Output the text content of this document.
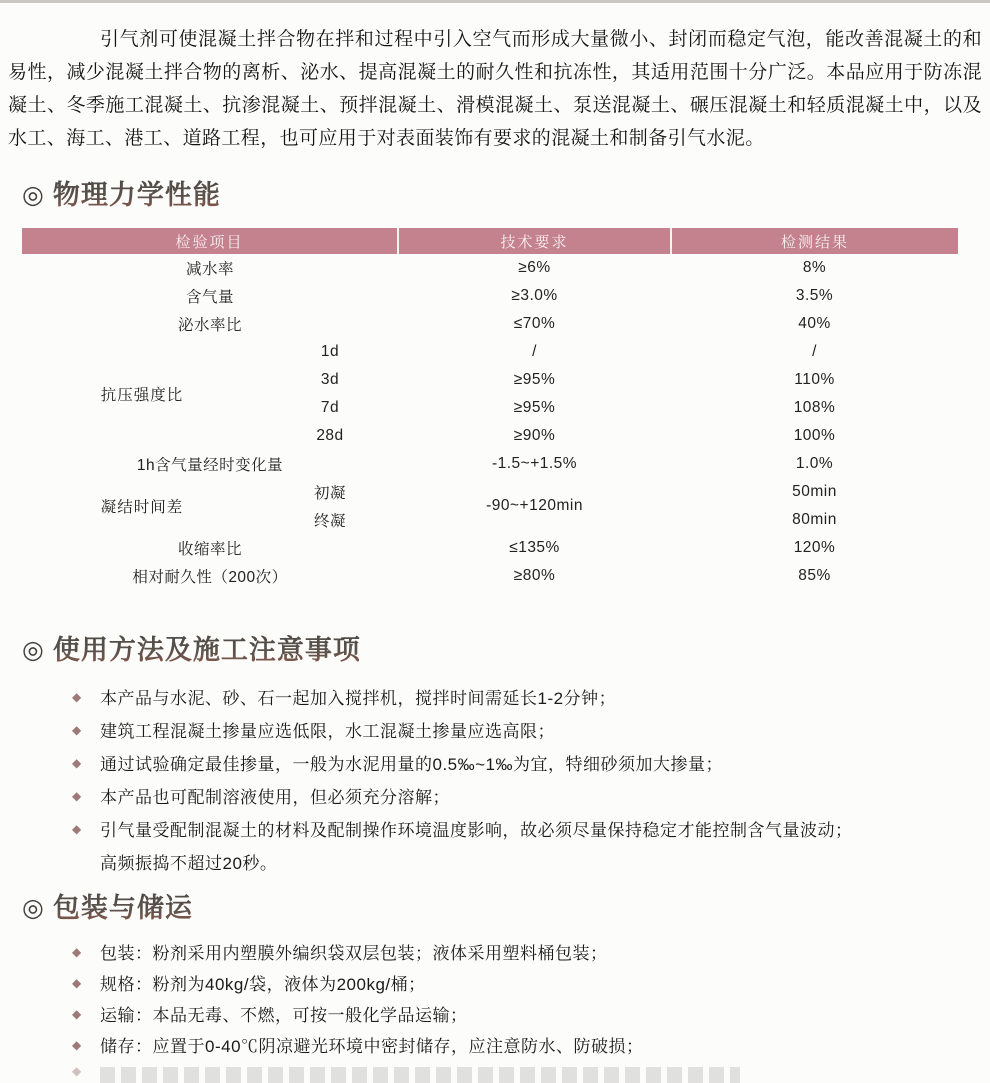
引气剂可使混凝土拌合物在拌和过程中引入空气而形成大量微小、封闭而稳定气泡，能改善混凝土的和易性，减少混凝土拌合物的离析、泌水、提高混凝土的耐久性和抗冻性，其适用范围十分广泛。本品应用于防冻混凝土、冬季施工混凝土、抗渗混凝土、预拌混凝土、滑模混凝土、泵送混凝土、碾压混凝土和轻质混凝土中，以及水工、海工、港工、道路工程，也可应用于对表面装饰有要求的混凝土和制备引气水泥。

◎ 物理力学性能
检验项目		技术要求	检测结果
减水率		≥6%	8%
含气量		≥3.0%	3.5%
泌水率比		≤70%	40%
抗压强度比	1d	/	/
	3d	≥95%	110%
	7d	≥95%	108%
	28d	≥90%	100%
1h含气量经时变化量		-1.5~+1.5%	1.0%
凝结时间差	初凝	-90~+120min	50min
	终凝		80min
收缩率比		≤135%	120%
相对耐久性（200次）		≥80%	85%
◎ 使用方法及施工注意事项
◆	本产品与水泥、砂、石一起加入搅拌机，搅拌时间需延长1-2分钟；
◆	建筑工程混凝土掺量应选低限，水工混凝土掺量应选高限；
◆	通过试验确定最佳掺量，一般为水泥用量的0.5‰~1‰为宜，特细砂须加大掺量；
◆	本产品也可配制溶液使用，但必须充分溶解；
◆	引气量受配制混凝土的材料及配制操作环境温度影响，故必须尽量保持稳定才能控制含气量波动；
高频振捣不超过20秒。
◎ 包装与储运
◆	包装：粉剂采用内塑膜外编织袋双层包装；液体采用塑料桶包装；
◆	规格：粉剂为40kg/袋，液体为200kg/桶；
◆	运输：本品无毒、不燃，可按一般化学品运输；
◆	储存：应置于0-40℃阴凉避光环境中密封储存，应注意防水、防破损；
◆
